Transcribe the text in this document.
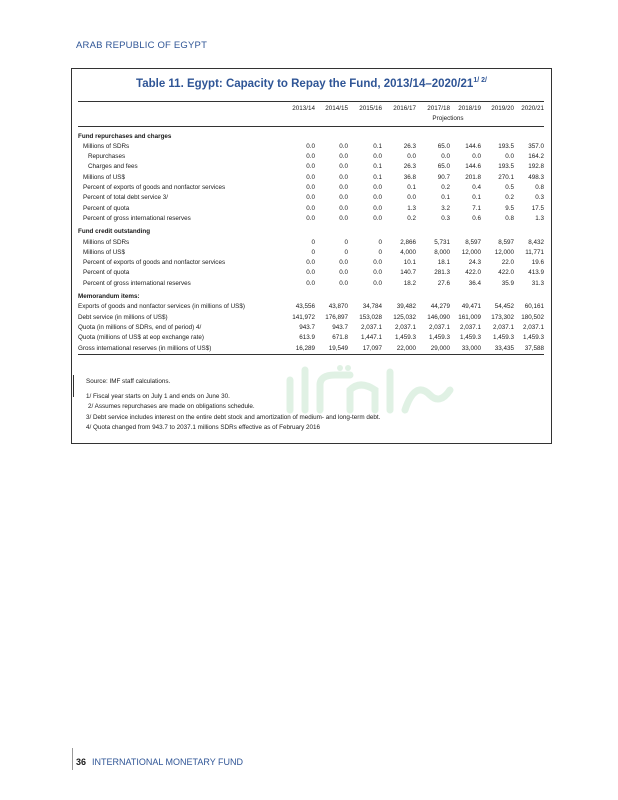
ARAB REPUBLIC OF EGYPT
Table 11. Egypt: Capacity to Repay the Fund, $2013/14-2020/21^{1/ 2/}$
	2013/14	2014/15	2015/16	2016/17	2017/18	2018/19	2019/20	2020/21
				Projections				

Fund repurchases and charges								
Millions of SDRs	0.0	0.0	0.1	26.3	65.0	144.6	193.5	357.0
Repurchases	0.0	0.0	0.0	0.0	0.0	0.0	0.0	164.2
Charges and fees	0.0	0.0	0.1	26.3	65.0	144.6	193.5	192.8
Millions of US$	0.0	0.0	0.1	36.8	90.7	201.8	270.1	498.3
Percent of exports of goods and nonfactor services	0.0	0.0	0.0	0.1	0.2	0.4	0.5	0.8
Percent of total debt service 3/	0.0	0.0	0.0	0.0	0.1	0.1	0.2	0.3
Percent of quota	0.0	0.0	0.0	1.3	3.2	7.1	9.5	17.5
Percent of gross international reserves	0.0	0.0	0.0	0.2	0.3	0.6	0.8	1.3
Fund credit outstanding								
Millions of SDRs	0	0	0	2,866	5,731	8,597	8,597	8,432
Millions of US$	0	0	0	4,000	8,000	12,000	12,000	11,771
Percent of exports of goods and nonfactor services	0.0	0.0	0.0	10.1	18.1	24.3	22.0	19.6
Percent of quota	0.0	0.0	0.0	140.7	281.3	422.0	422.0	413.9
Percent of gross international reserves	0.0	0.0	0.0	18.2	27.6	36.4	35.9	31.3
Memorandum items:								
Exports of goods and nonfactor services (in millions of US$)	43,556	43,870	34,784	39,482	44,279	49,471	54,452	60,161
Debt service (in millions of US$)	141,972	176,897	153,028	125,032	146,090	161,009	173,302	180,502
Quota (in millions of SDRs, end of period) 4/	943.7	943.7	2,037.1	2,037.1	2,037.1	2,037.1	2,037.1	2,037.1
Quota (millions of US$ at eop exchange rate)	613.9	671.8	1,447.1	1,459.3	1,459.3	1,459.3	1,459.3	1,459.3
Gross international reserves (in millions of US$)	16,289	19,549	17,097	22,000	29,000	33,000	33,435	37,588

Source: IMF staff calculations.
1/ Fiscal year starts on July 1 and ends on June 30.
2/ Assumes repurchases are made on obligations schedule.
3/ Debt service includes interest on the entire debt stock and amortization of medium- and long-term debt.
4/ Quota changed from 943.7 to 2037.1 millions SDRs effective as of February 2016
36 INTERNATIONAL MONETARY FUND
